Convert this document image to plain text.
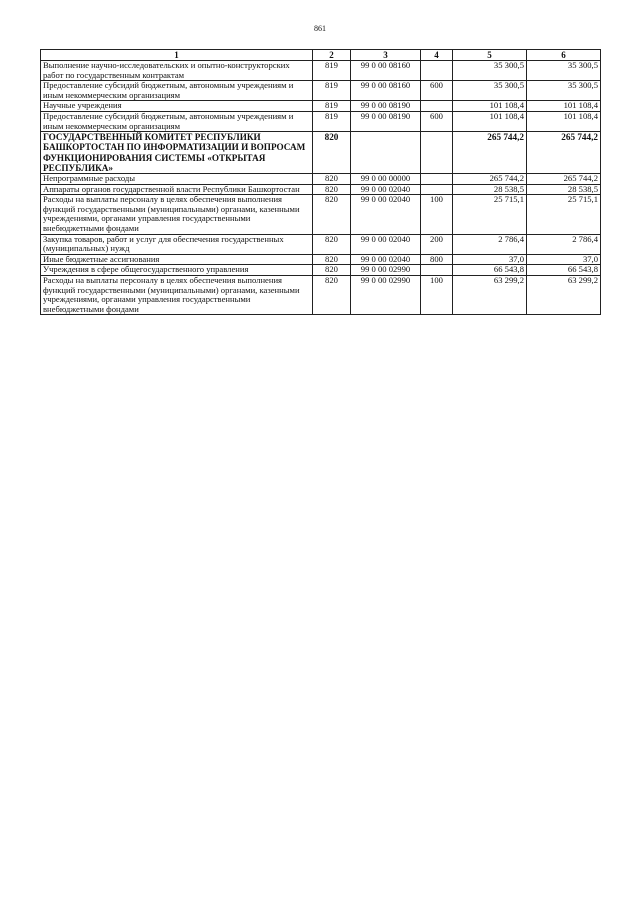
861
1	2	3	4	5	6
Выполнение научно-исследовательских и опытно-конструкторских работ по государственным контрактам	819	99 0 00 08160		35 300,5	35 300,5
Предоставление субсидий бюджетным, автономным учреждениям и иным некоммерческим организациям	819	99 0 00 08160	600	35 300,5	35 300,5
Научные учреждения	819	99 0 00 08190		101 108,4	101 108,4
Предоставление субсидий бюджетным, автономным учреждениям и иным некоммерческим организациям	819	99 0 00 08190	600	101 108,4	101 108,4
ГОСУДАРСТВЕННЫЙ КОМИТЕТ РЕСПУБЛИКИ БАШКОРТОСТАН ПО ИНФОРМАТИЗАЦИИ И ВОПРОСАМ ФУНКЦИОНИРОВАНИЯ СИСТЕМЫ «ОТКРЫТАЯ РЕСПУБЛИКА»	820			265 744,2	265 744,2
Непрограммные расходы	820	99 0 00 00000		265 744,2	265 744,2
Аппараты органов государственной власти Республики Башкортостан	820	99 0 00 02040		28 538,5	28 538,5
Расходы на выплаты персоналу в целях обеспечения выполнения функций государственными (муниципальными) органами, казенными учреждениями, органами управления государственными внебюджетными фондами	820	99 0 00 02040	100	25 715,1	25 715,1
Закупка товаров, работ и услуг для обеспечения государственных (муниципальных) нужд	820	99 0 00 02040	200	2 786,4	2 786,4
Иные бюджетные ассигнования	820	99 0 00 02040	800	37,0	37,0
Учреждения в сфере общегосударственного управления	820	99 0 00 02990		66 543,8	66 543,8
Расходы на выплаты персоналу в целях обеспечения выполнения функций государственными (муниципальными) органами, казенными учреждениями, органами управления государственными внебюджетными фондами	820	99 0 00 02990	100	63 299,2	63 299,2
